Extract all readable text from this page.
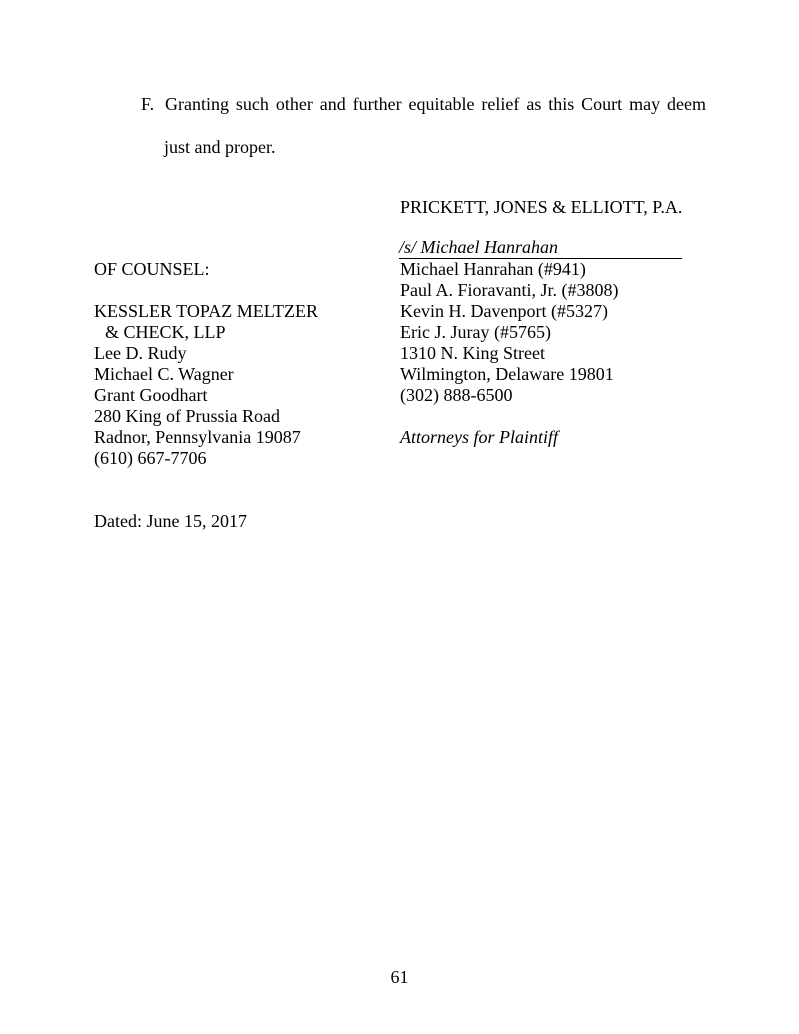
F. Granting such other and further equitable relief as this Court may deem
just and proper.
PRICKETT, JONES & ELLIOTT, P.A.
/s/ Michael Hanrahan
Michael Hanrahan (#941)
Paul A. Fioravanti, Jr. (#3808)
Kevin H. Davenport (#5327)
Eric J. Juray (#5765)
1310 N. King Street
Wilmington, Delaware 19801
(302) 888-6500
Attorneys for Plaintiff
OF COUNSEL:
KESSLER TOPAZ MELTZER
& CHECK, LLP
Lee D. Rudy
Michael C. Wagner
Grant Goodhart
280 King of Prussia Road
Radnor, Pennsylvania 19087
(610) 667-7706
Dated: June 15, 2017
61
